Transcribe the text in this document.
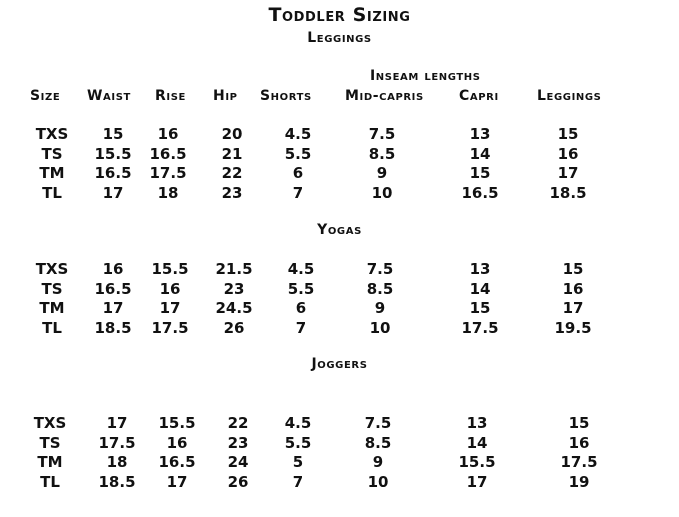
Toddler Sizing
Leggings
Inseam lengths
Size Waist Rise Hip Shorts Mid-capris	Capri	Leggings
Yogas
Joggers
TXS 15 16	20	4.5	7.5	13	15
TS 15.5 16.5 21	5.5	8.5	14	16
TM 16.5 17.5 22	6	9	15	17
TL	17 18	23	7	10	16.5	18.5
TXS 16 15.5 21.5 4.5	7.5	13	15
TS 16.5 16	23	5.5	8.5	14	16
TM	17 17 24.5	6	9	15	17
TL 18.5 17.5 26	7	10	17.5	19.5
TXS	17 15.5 22 4.5	7.5	13	15
TS	17.5 16	23 5.5	8.5	14	16
TM	18 16.5 24	5	9	15.5	17.5
TL	18.5 17	26	7	10	17	19
